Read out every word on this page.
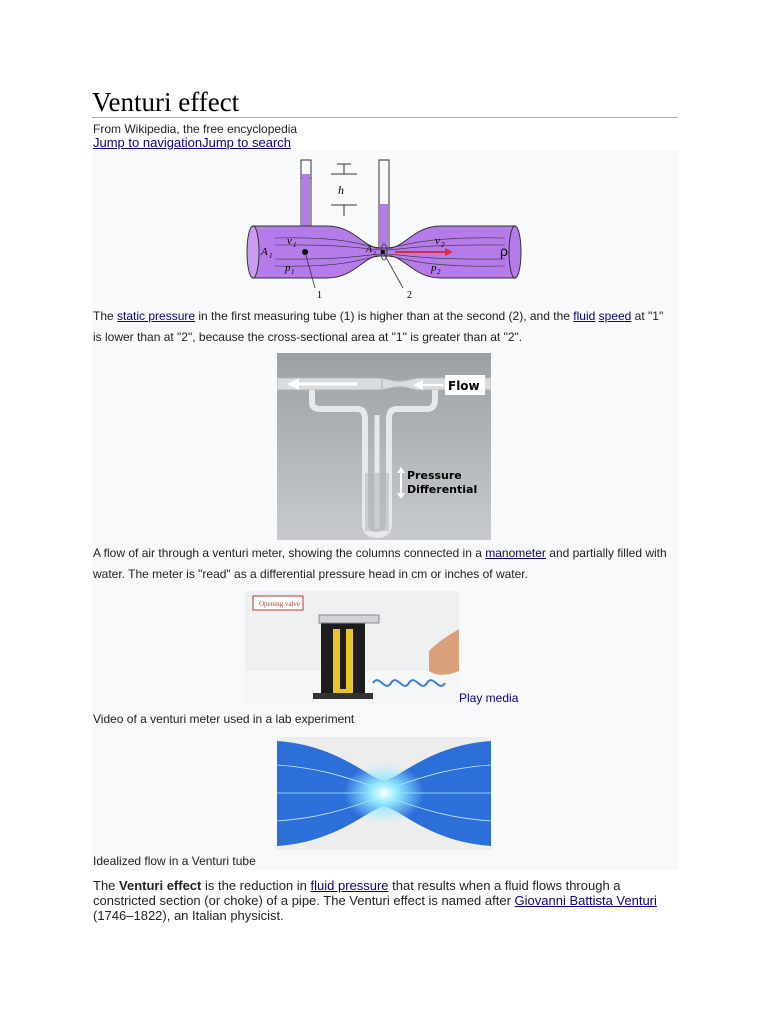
Venturi effect
From Wikipedia, the free encyclopedia
Jump to navigationJump to search
h
v 1	v 2
A 1
A 2
p 1	p 2
ρ
1	2
The static pressure in the first measuring tube (1) is higher than at the second (2), and the fluid speed at "1" is lower than at "2", because the cross-sectional area at "1" is greater than at "2".
Flow
Pressure
Differential
A flow of air through a venturi meter, showing the columns connected in a manometer and partially filled with water. The meter is "read" as a differential pressure head in cm or inches of water.
Opening valve
Play media
Video of a venturi meter used in a lab experiment
Idealized flow in a Venturi tube

The Venturi effect is the reduction in fluid pressure that results when a fluid flows through a constricted section (or choke) of a pipe. The Venturi effect is named after Giovanni Battista Venturi (1746–1822), an Italian physicist.
